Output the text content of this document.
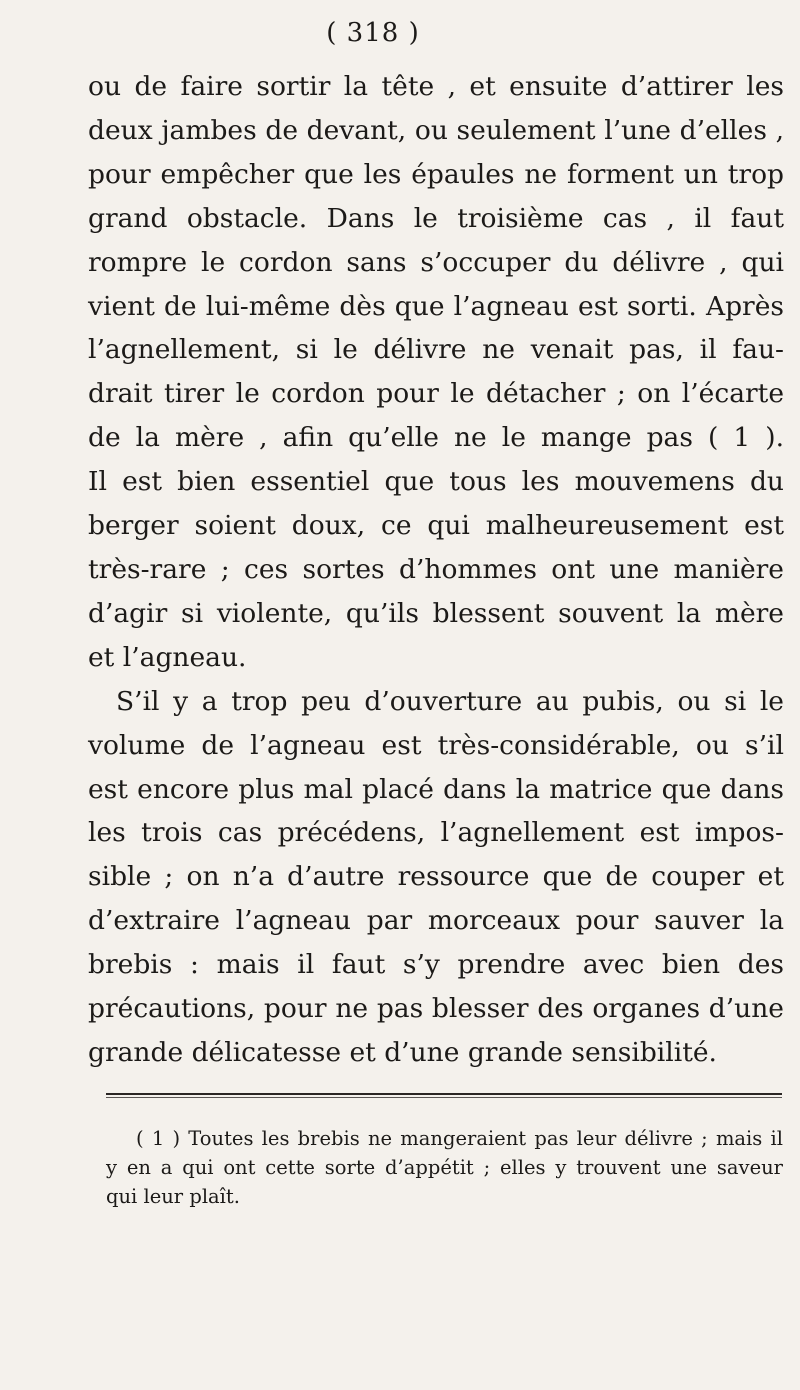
( 318 )
ou de faire sortir la tête , et ensuite d’attirer les
deux jambes de devant, ou seulement l’une d’elles ,
pour empêcher que les épaules ne forment un trop
grand obstacle. Dans le troisième cas , il faut
rompre le cordon sans s’occuper du délivre , qui
vient de lui-même dès que l’agneau est sorti. Après
l’agnellement, si le délivre ne venait pas, il fau-
drait tirer le cordon pour le détacher ; on l’écarte
de la mère , afin qu’elle ne le mange pas ( 1 ).
Il est bien essentiel que tous les mouvemens du
berger soient doux, ce qui malheureusement est
très-rare ; ces sortes d’hommes ont une manière
d’agir si violente, qu’ils blessent souvent la mère
et l’agneau.
S’il y a trop peu d’ouverture au pubis, ou si le
volume de l’agneau est très-considérable, ou s’il
est encore plus mal placé dans la matrice que dans
les trois cas précédens, l’agnellement est impos-
sible ; on n’a d’autre ressource que de couper et
d’extraire l’agneau par morceaux pour sauver la
brebis : mais il faut s’y prendre avec bien des
précautions, pour ne pas blesser des organes d’une
grande délicatesse et d’une grande sensibilité.
( 1 ) Toutes les brebis ne mangeraient pas leur délivre ; mais il
y en a qui ont cette sorte d’appétit ; elles y trouvent une saveur
qui leur plaît.
